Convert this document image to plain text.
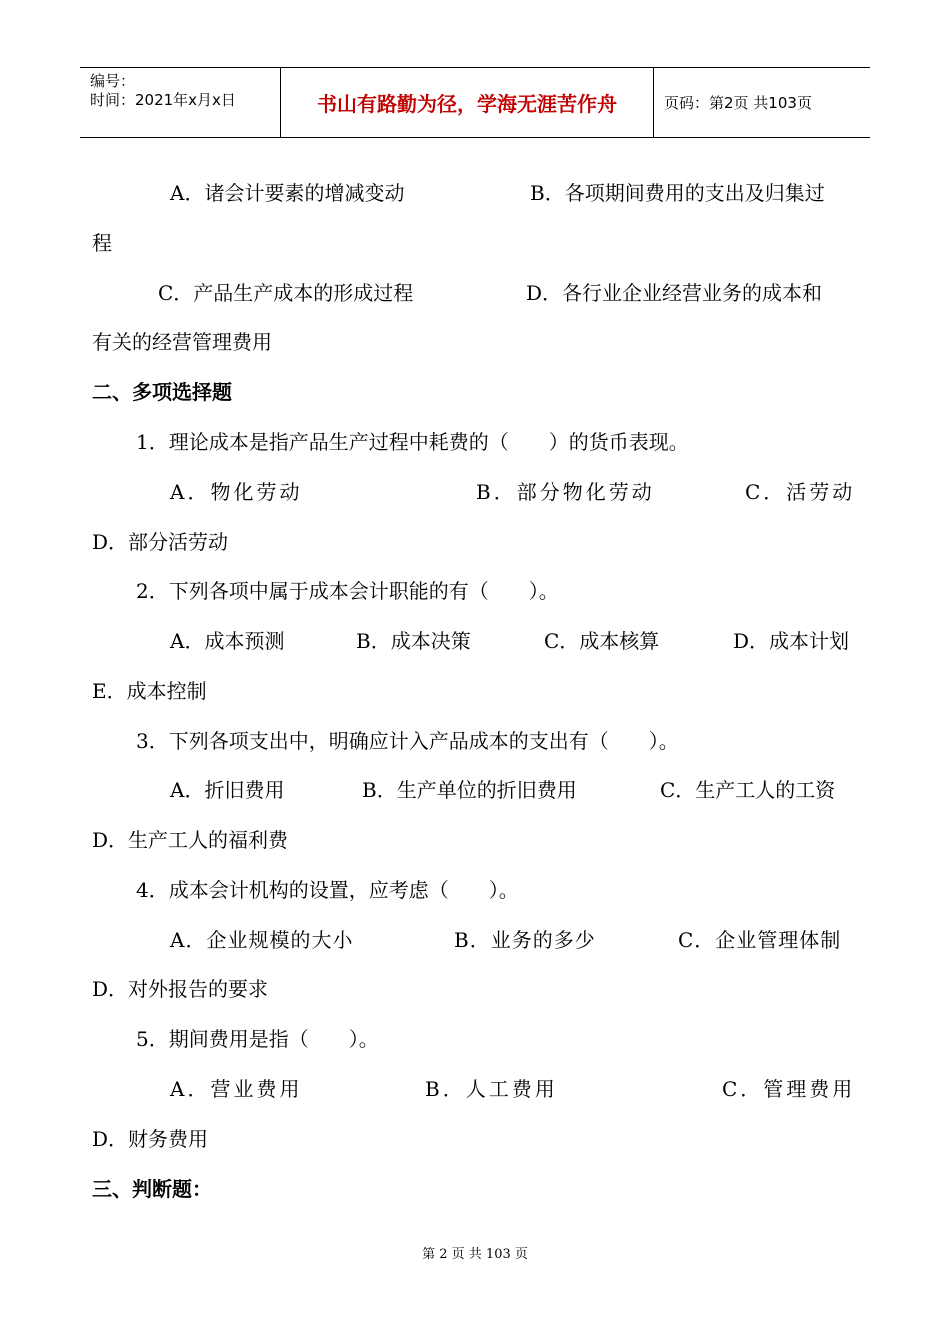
编号：
时间：2021年x月x日	书山有路勤为径，学海无涯苦作舟	页码：第2页 共103页
A．诸会计要素的增减变动	B．各项期间费用的支出及归集过
程
C．产品生产成本的形成过程	D．各行业企业经营业务的成本和
有关的经营管理费用
二、多项选择题
1．理论成本是指产品生产过程中耗费的（　　）的货币表现。
A．物化劳动	B．部分物化劳动	C．活劳动
D．部分活劳动
2．下列各项中属于成本会计职能的有（　　）。
A．成本预测	B．成本决策	C．成本核算	D．成本计划
E．成本控制
3．下列各项支出中，明确应计入产品成本的支出有（　　）。
A．折旧费用	B．生产单位的折旧费用	C．生产工人的工资
D．生产工人的福利费
4．成本会计机构的设置，应考虑（　　）。
A．企业规模的大小	B．业务的多少	C．企业管理体制
D．对外报告的要求
5．期间费用是指（　　）。
A．营业费用	B．人工费用	C．管理费用
D．财务费用
三、判断题：
第 2 页 共 103 页
